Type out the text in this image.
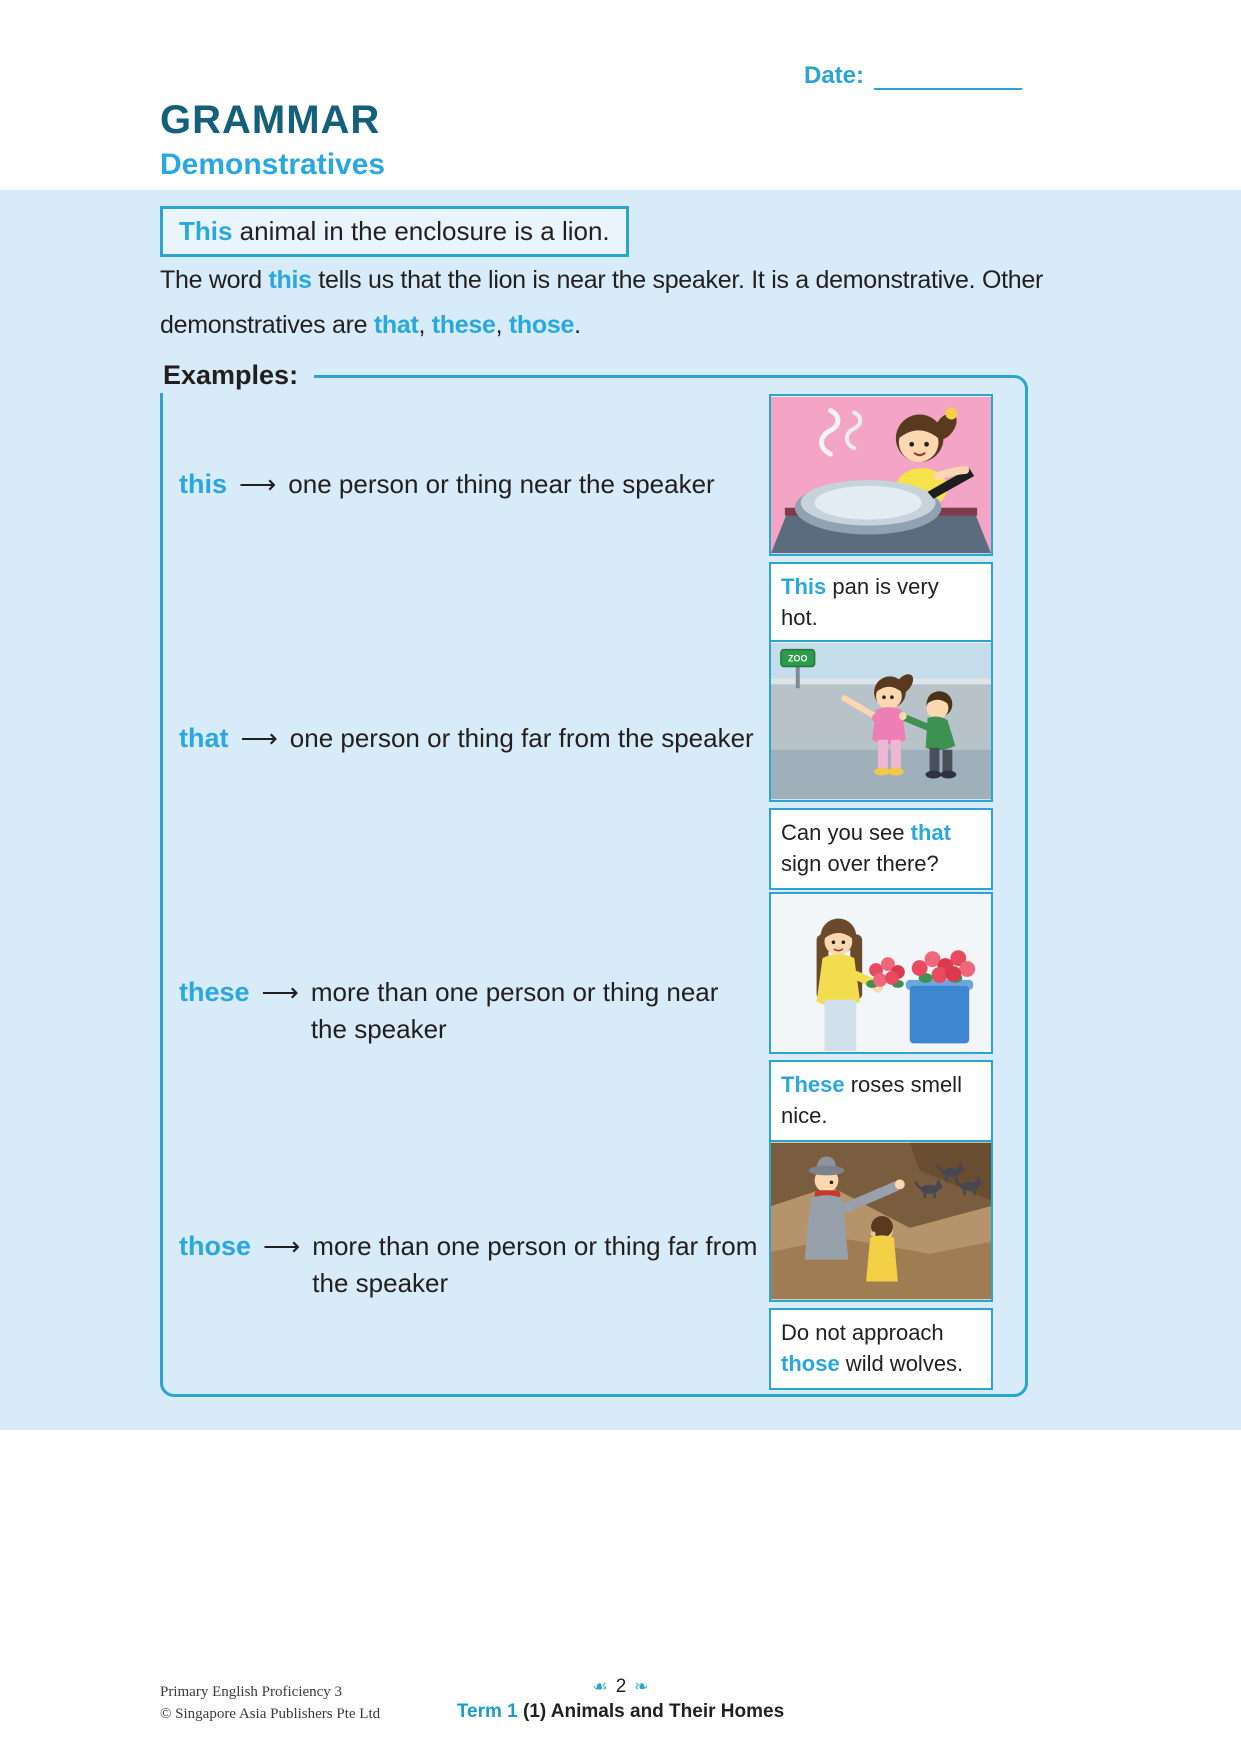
Date:
GRAMMAR
Demonstratives
This animal in the enclosure is a lion.

The word this tells us that the lion is near the speaker. It is a demonstrative. Other demonstratives are that, these, those.

Examples:
this ⟶ one person or thing near the speaker
that ⟶ one person or thing far from the speaker
these ⟶ more than one person or thing near the speaker
those ⟶ more than one person or thing far from the speaker
This pan is very hot.
ZOO
Can you see that sign over there?
These roses smell nice.
Do not approach those wild wolves.
Primary English Proficiency 3
© Singapore Asia Publishers Pte Ltd
☙ 2 ❧
Term 1 (1) Animals and Their Homes
